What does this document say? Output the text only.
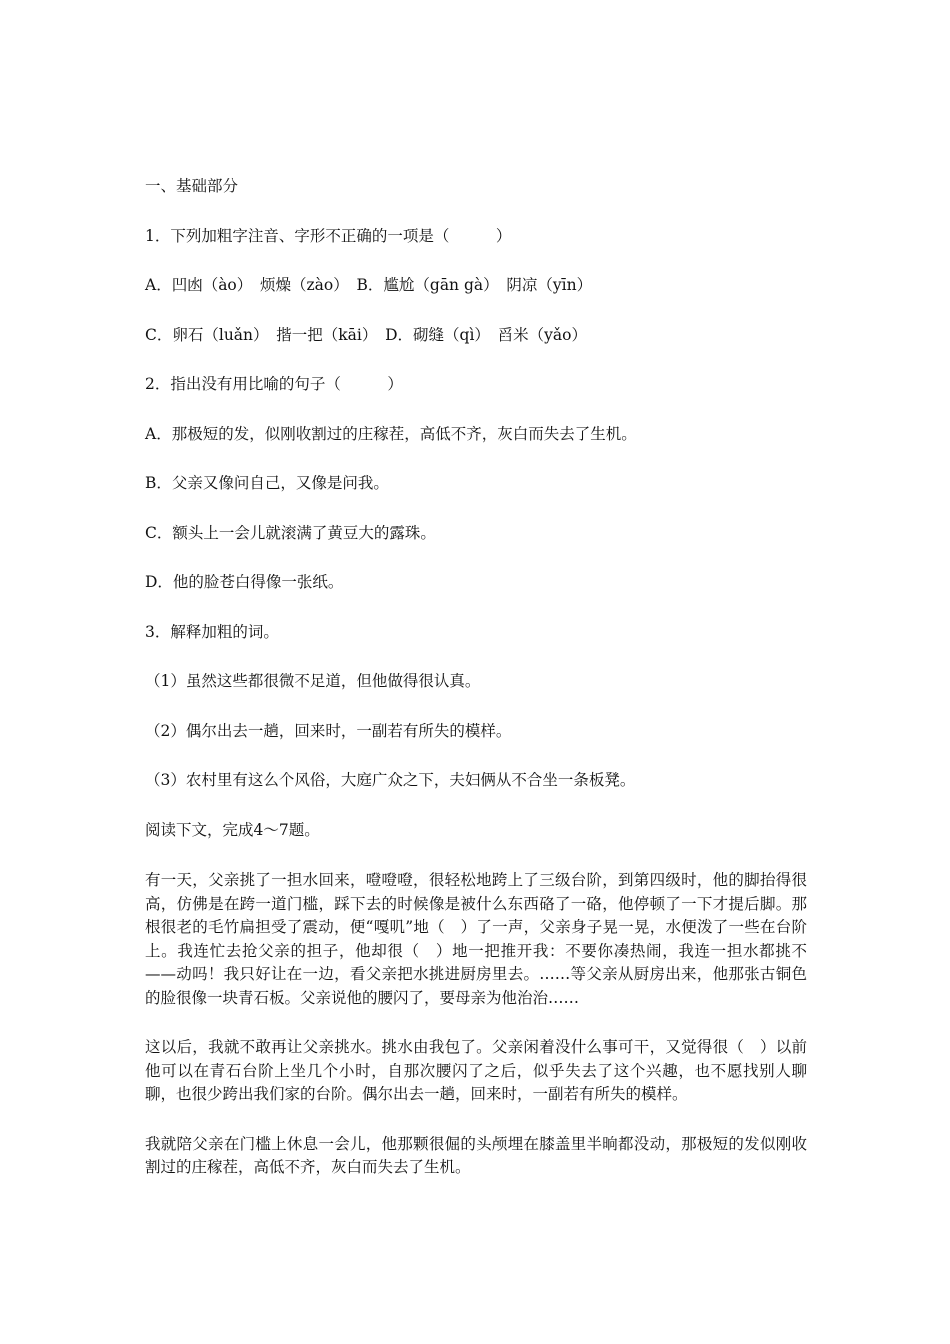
一、基础部分
1．下列加粗字注音、字形不正确的一项是（　　　）
A．凹凼（àо）　烦燥（zàо）　B．尴尬（gān gà）　阴凉（yīn）
C．卵石（luǎn）　揩一把（kāi）　D．砌缝（qì）　舀米（yǎо）
2．指出没有用比喻的句子（　　　）
A．那极短的发，似刚收割过的庄稼茬，高低不齐，灰白而失去了生机。
B．父亲又像问自己，又像是问我。
C．额头上一会儿就滚满了黄豆大的露珠。
D．他的脸苍白得像一张纸。
3．解释加粗的词。
（1）虽然这些都很微不足道，但他做得很认真。
（2）偶尔出去一趟，回来时，一副若有所失的模样。
（3）农村里有这么个风俗，大庭广众之下，夫妇俩从不合坐一条板凳。
阅读下文，完成4～7题。
有一天，父亲挑了一担水回来，噔噔噔，很轻松地跨上了三级台阶，到第四级时，他的脚抬得很高，仿佛是在跨一道门槛，踩下去的时候像是被什么东西硌了一硌，他停顿了一下才提后脚。那根很老的毛竹扁担受了震动，便“嘎叽”地（　）了一声，父亲身子晃一晃，水便泼了一些在台阶上。我连忙去抢父亲的担子，他却很（　）地一把推开我：不要你凑热闹，我连一担水都挑不——动吗！我只好让在一边，看父亲把水挑进厨房里去。……等父亲从厨房出来，他那张古铜色的脸很像一块青石板。父亲说他的腰闪了，要母亲为他治治……
这以后，我就不敢再让父亲挑水。挑水由我包了。父亲闲着没什么事可干，又觉得很（　）以前他可以在青石台阶上坐几个小时，自那次腰闪了之后，似乎失去了这个兴趣，也不愿找别人聊聊，也很少跨出我们家的台阶。偶尔出去一趟，回来时，一副若有所失的模样。
我就陪父亲在门槛上休息一会儿，他那颗很倔的头颅埋在膝盖里半晌都没动，那极短的发似刚收割过的庄稼茬，高低不齐，灰白而失去了生机。
